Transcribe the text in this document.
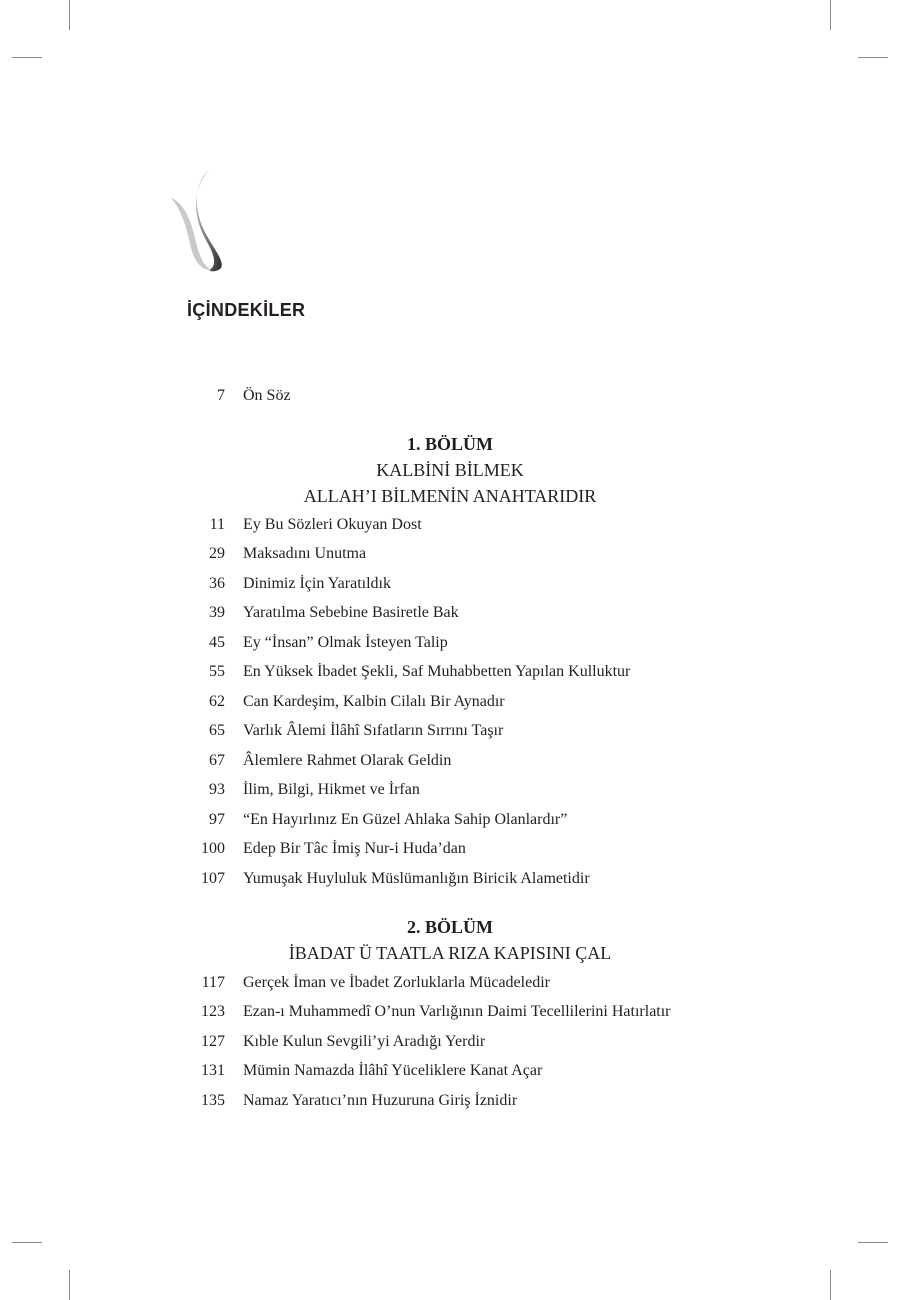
İÇİNDEKİLER
7 Ön Söz
1. BÖLÜM
KALBİNİ BİLMEK
ALLAH’I BİLMENİN ANAHTARIDIR
11 Ey Bu Sözleri Okuyan Dost
29 Maksadını Unutma
36 Dinimiz İçin Yaratıldık
39 Yaratılma Sebebine Basiretle Bak
45 Ey “İnsan” Olmak İsteyen Talip
55 En Yüksek İbadet Şekli, Saf Muhabbetten Yapılan Kulluktur
62 Can Kardeşim, Kalbin Cilalı Bir Aynadır
65 Varlık Âlemi İlâhî Sıfatların Sırrını Taşır
67 Âlemlere Rahmet Olarak Geldin
93 İlim, Bilgi, Hikmet ve İrfan
97 “En Hayırlınız En Güzel Ahlaka Sahip Olanlardır”
100 Edep Bir Tâc İmiş Nur-i Huda’dan
107 Yumuşak Huyluluk Müslümanlığın Biricik Alametidir
2. BÖLÜM
İBADAT Ü TAATLA RIZA KAPISINI ÇAL
117 Gerçek İman ve İbadet Zorluklarla Mücadeledir
123 Ezan-ı Muhammedî O’nun Varlığının Daimi Tecellilerini Hatırlatır
127 Kıble Kulun Sevgili’yi Aradığı Yerdir
131 Mümin Namazda İlâhî Yüceliklere Kanat Açar
135 Namaz Yaratıcı’nın Huzuruna Giriş İznidir
